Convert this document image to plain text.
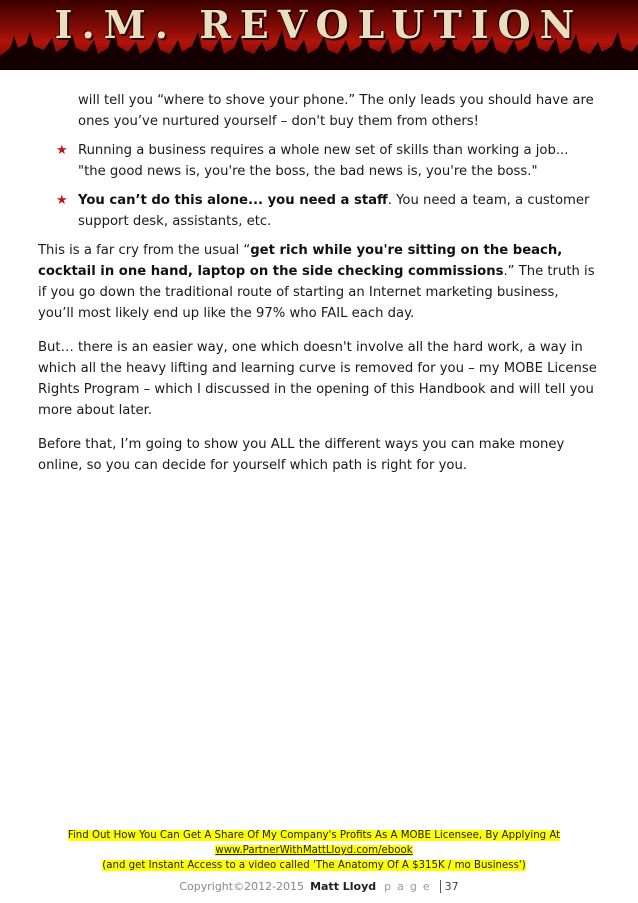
I.M. REVOLUTION
will tell you “where to shove your phone.” The only leads you should have are ones you’ve nurtured yourself – don't buy them from others!
★ Running a business requires a whole new set of skills than working a job... "the good news is, you're the boss, the bad news is, you're the boss."
★ You can’t do this alone... you need a staff. You need a team, a customer support desk, assistants, etc.

This is a far cry from the usual “get rich while you're sitting on the beach, cocktail in one hand, laptop on the side checking commissions.” The truth is if you go down the traditional route of starting an Internet marketing business, you’ll most likely end up like the 97% who FAIL each day.

But… there is an easier way, one which doesn't involve all the hard work, a way in which all the heavy lifting and learning curve is removed for you – my MOBE License Rights Program – which I discussed in the opening of this Handbook and will tell you more about later.

Before that, I’m going to show you ALL the different ways you can make money online, so you can decide for yourself which path is right for you.

Find Out How You Can Get A Share Of My Company's Profits As A MOBE Licensee, By Applying At
www.PartnerWithMattLloyd.com/ebook
(and get Instant Access to a video called 'The Anatomy Of A $315K / mo Business')
Copyright©2012-2015 Matt Lloyd page 37
